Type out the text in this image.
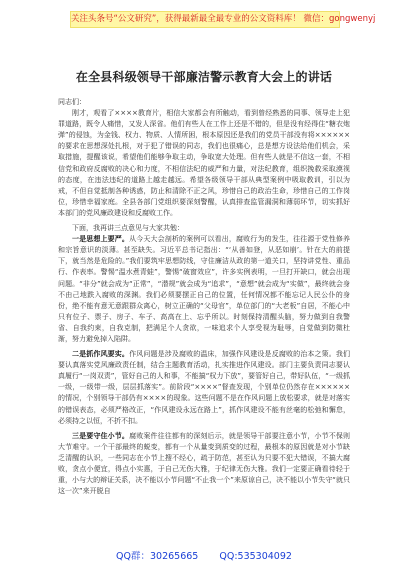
关注头条号“公文研究”，获得最新最全最专业的公文资料库！ 微信：gongwenyj
在全县科级领导干部廉洁警示教育大会上的讲话

同志们：

刚才，观看了××××教育片，相信大家都会有所触动，看到曾经熟悉的同事、领导走上犯罪道路，既令人痛惜，又发人深省。他们有些人在工作上还是不错的，但是没有经得住“糖衣炮弹”的侵蚀，为金钱、权力、物质、人情所困，根本原因还是我们的党员干部没有将××××××的要求在思想深处扎根，对于犯了错误的同志，我们也很痛心，总是想方设法给他们机会，采取措施，提醒该说，希望他们能够争取主动，争取宽大处理。但有些人就是不信这一套，不相信党和政府反腐败的决心和力度，不相信法纪的威严和力量，对法纪教育，组织挽救采取漠视的态度，在违法违纪的道路上越走越远。希望各级领导干部从典型案例中吸取教训，引以为戒，不但自觉抵制各种诱惑，防止和清除不正之风，珍惜自己的政治生命，珍惜自己的工作岗位，珍惜幸福家庭。全县各部门党组织要深刻警醒，认真排查监管漏洞和薄弱环节，切实抓好本部门的党风廉政建设和反腐败工作。

下面，我再讲三点意见与大家共勉：

一是思想上要严。从今天大会剖析的案例可以看出，腐败行为的发生，往往源于党性修养和宗旨意识的淡薄。甚至缺失。习近平总书记指出：“‘从善如登，从恶如崩’。针在大的前提下，就当然是危险的。”我们要筑牢思想防线，守住廉洁从政的第一道关口，坚持讲党性、重品行、作表率。警惕“温水煮青蛙”，警惕“破窗效应”，许多实例表明，一旦打开缺口，就会出现问题。“非分”就会成为“正常”，“潜规”就会成为“追求”，“意想”就会成为“实做”，最终就会身不由己地跌入腐败的深渊。我们必须要摆正自己的位置，任何情况都不能忘记人民公仆的身份，绝不能有意无意跟群众离心，树立正确的“父母官”，单位部门的“大老板”自居，不能心中只有位子、票子、房子、车子、高高在上、忘乎所以。时刻保持清醒头脑，努力做到自我警省、自我约束，自我克制，把满足个人贪欲，一味追求个人享受视为耻辱，自觉做到防微杜渐，努力避免掉入陷阱。

二是抓作风要实。作风问题是涉及腐败的温床，加强作风建设是反腐败的治本之策。我们要认真落实党风廉政责任制，结合主题教育活动，扎实推进作风建设。部门主要负责同志要认真履行“一岗双责”，管好自己的人和事，不能搞“权力下放”，要管好自己，带好队伍，“一级抓一级，一级带一级，层层抓落实”。前阶段“××××”督查发现，个别单位仍然存在××××××的情况，个别领导干部仍有××××的现象。这些问题不是在作风问题上放松要求，就是对落实的错误表态，必须严格改正，“作风建设永远在路上”，抓作风建设不能有丝毫的松弛和懈怠，必须持之以恒，不折不扣。

三是要守住小节。腐败案件往往都有的深刻后示，就是领导干部要注意小节，小节不保则大节难守。一个干部最终的蜕变，都有一个从量变到质变的过程，最根本的原因就是对小节缺乏清醒的认识，一些同志在小节上搜不经心，疏于防范，甚至认为只要不犯大错误，不搞大腐败，贪点小便宜，得点小实惠，于自己无伤大雅，于纪律无伤大雅。我们一定要正确看待轻于重，小与大的辩证关系，决不能以小节问题“不止我一个”来原谅自己，决不能以小节失守“就只这一次”来开脱自

QQ群：30265665 QQ:535304092
